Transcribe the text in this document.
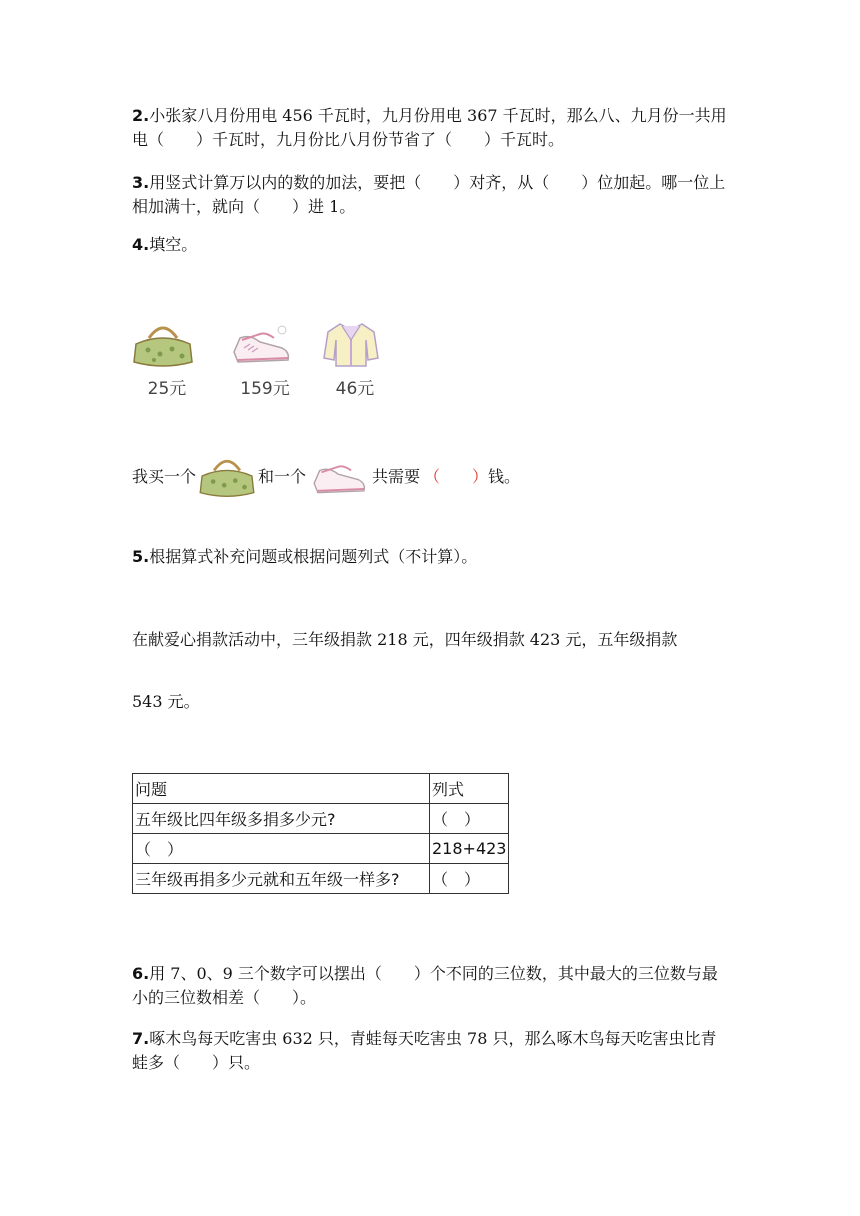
2.小张家八月份用电 456 千瓦时，九月份用电 367 千瓦时，那么八、九月份一共用电（　　）千瓦时，九月份比八月份节省了（　　）千瓦时。
3.用竖式计算万以内的数的加法，要把（　　）对齐，从（　　）位加起。哪一位上相加满十，就向（　　）进 1。
4.填空。
25元	159元	46元
我买一个	和一个	共需要 （　　） 钱。
5.根据算式补充问题或根据问题列式（不计算）。
在献爱心捐款活动中，三年级捐款 218 元，四年级捐款 423 元，五年级捐款
543 元。
问题	列式
五年级比四年级多捐多少元?	（　）
（　）	218+423
三年级再捐多少元就和五年级一样多?	（　）
6.用 7、0、9 三个数字可以摆出（　　）个不同的三位数，其中最大的三位数与最小的三位数相差（　　）。
7.啄木鸟每天吃害虫 632 只，青蛙每天吃害虫 78 只，那么啄木鸟每天吃害虫比青蛙多（　　）只。
